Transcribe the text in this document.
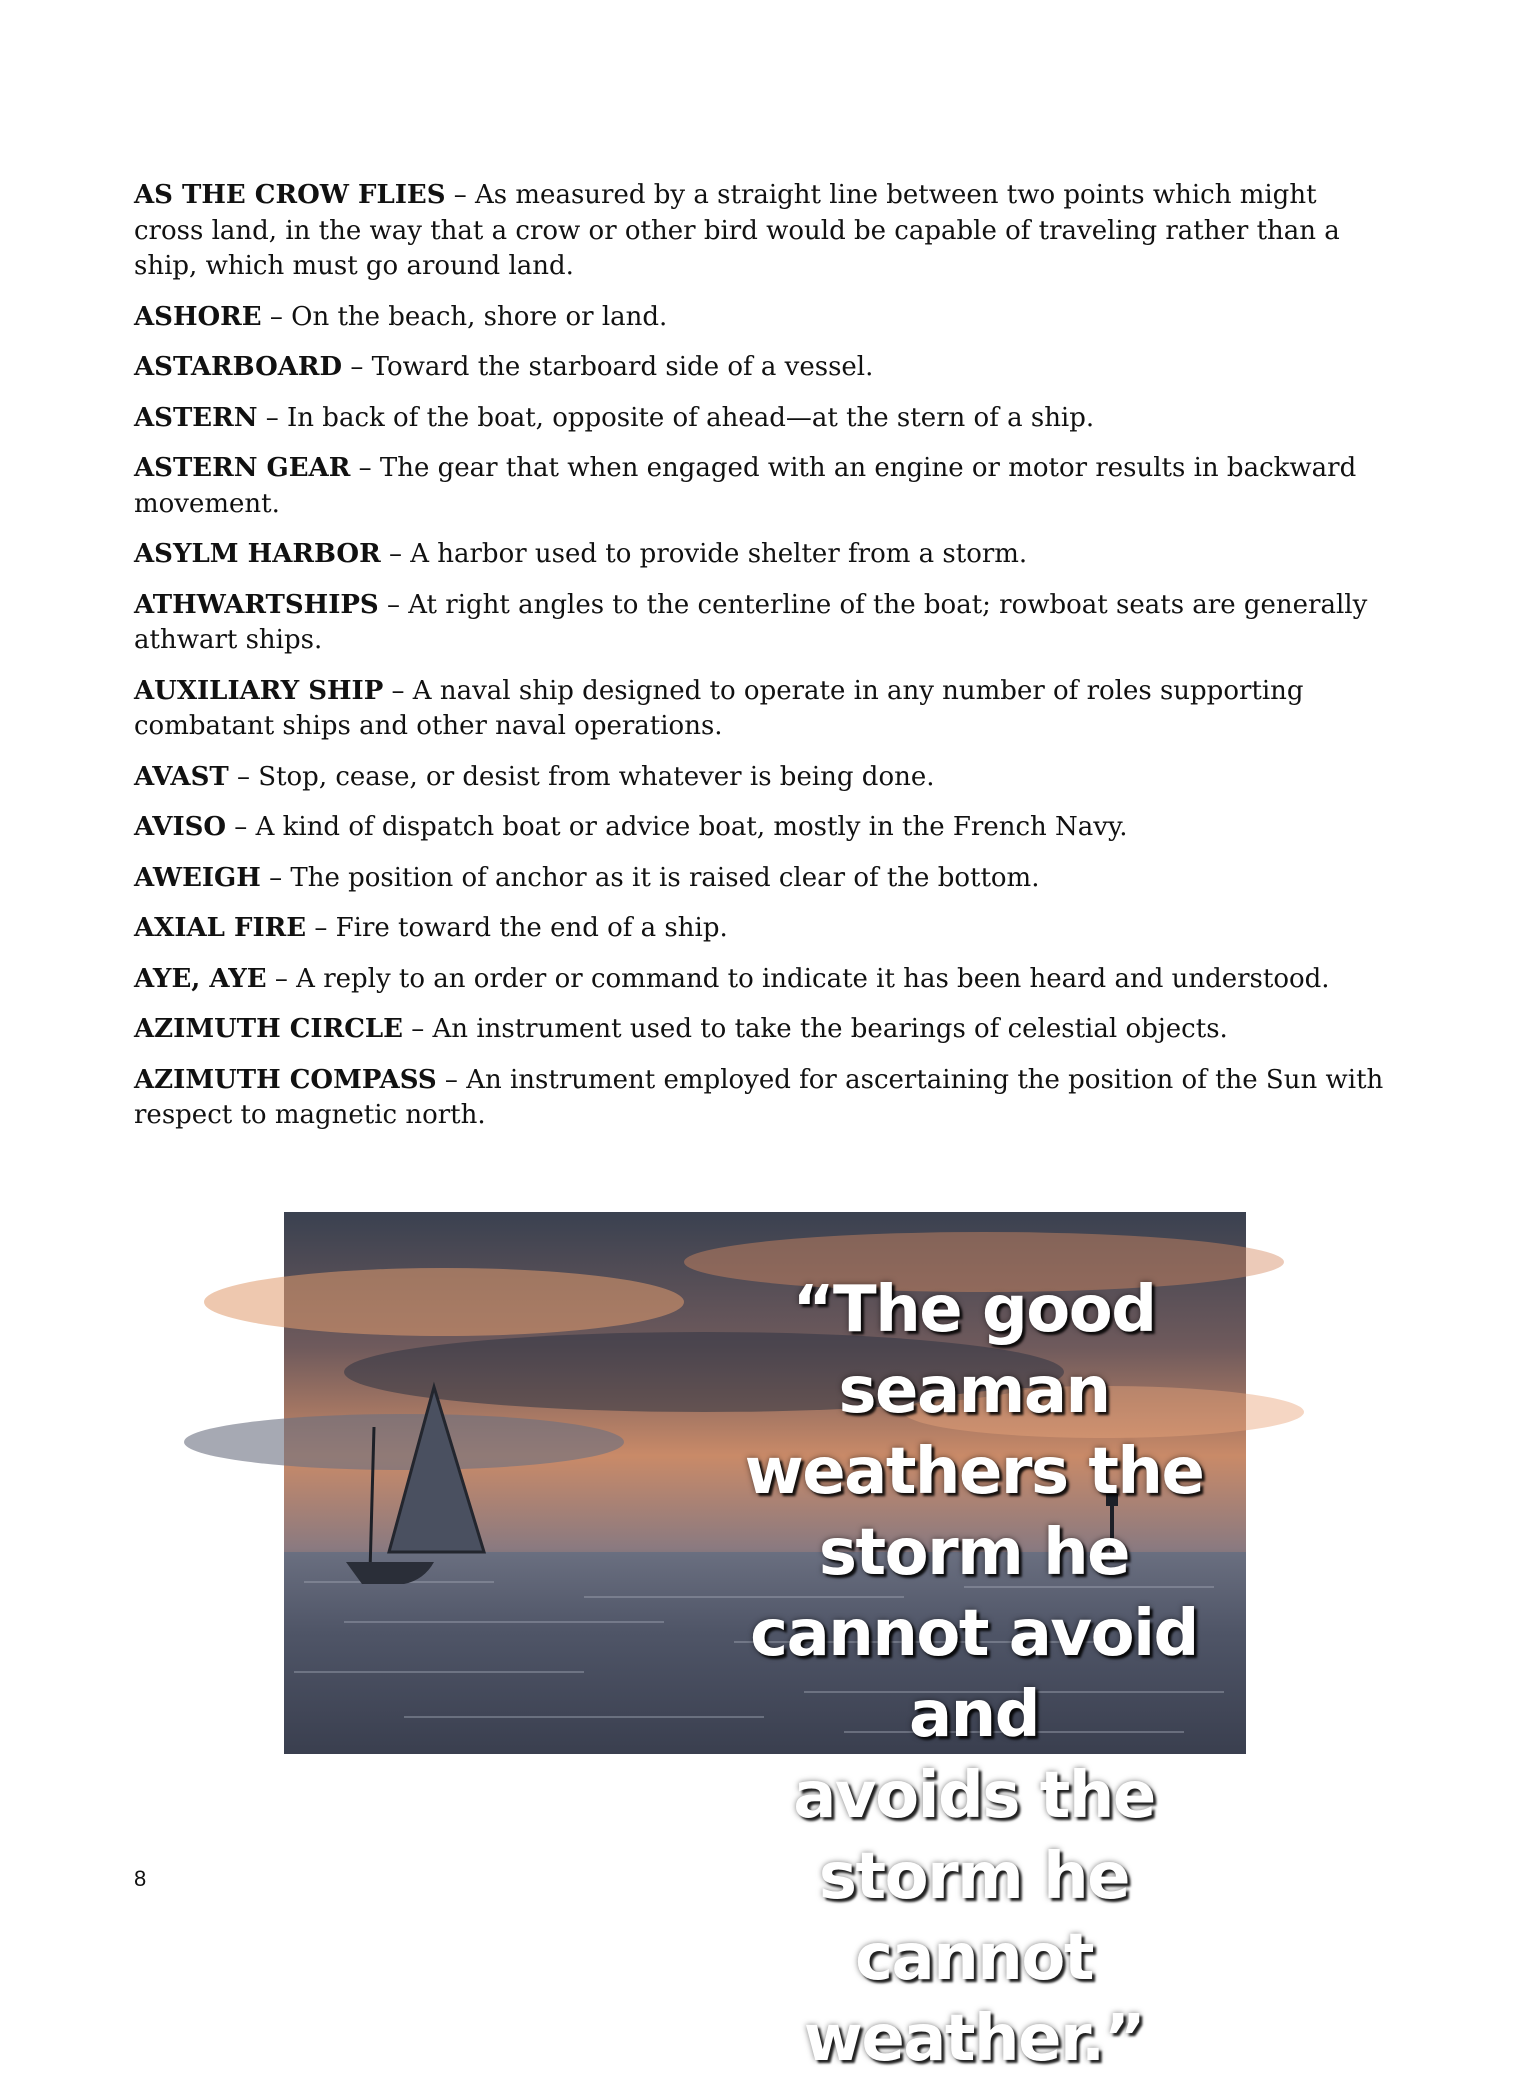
AS THE CROW FLIES – As measured by a straight line between two points which might cross land, in the way that a crow or other bird would be capable of traveling rather than a ship, which must go around land.

ASHORE – On the beach, shore or land.

ASTARBOARD – Toward the starboard side of a vessel.

ASTERN – In back of the boat, opposite of ahead—at the stern of a ship.

ASTERN GEAR – The gear that when engaged with an engine or motor results in backward movement.

ASYLM HARBOR – A harbor used to provide shelter from a storm.

ATHWARTSHIPS – At right angles to the centerline of the boat; rowboat seats are generally athwart ships.

AUXILIARY SHIP – A naval ship designed to operate in any number of roles supporting combatant ships and other naval operations.

AVAST – Stop, cease, or desist from whatever is being done.

AVISO – A kind of dispatch boat or advice boat, mostly in the French Navy.

AWEIGH – The position of anchor as it is raised clear of the bottom.

AXIAL FIRE – Fire toward the end of a ship.

AYE, AYE – A reply to an order or command to indicate it has been heard and understood.

AZIMUTH CIRCLE – An instrument used to take the bearings of celestial objects.

AZIMUTH COMPASS – An instrument employed for ascertaining the position of the Sun with respect to magnetic north.

“The good seaman
weathers the storm he
cannot avoid and
avoids the storm he
cannot weather.”
8
